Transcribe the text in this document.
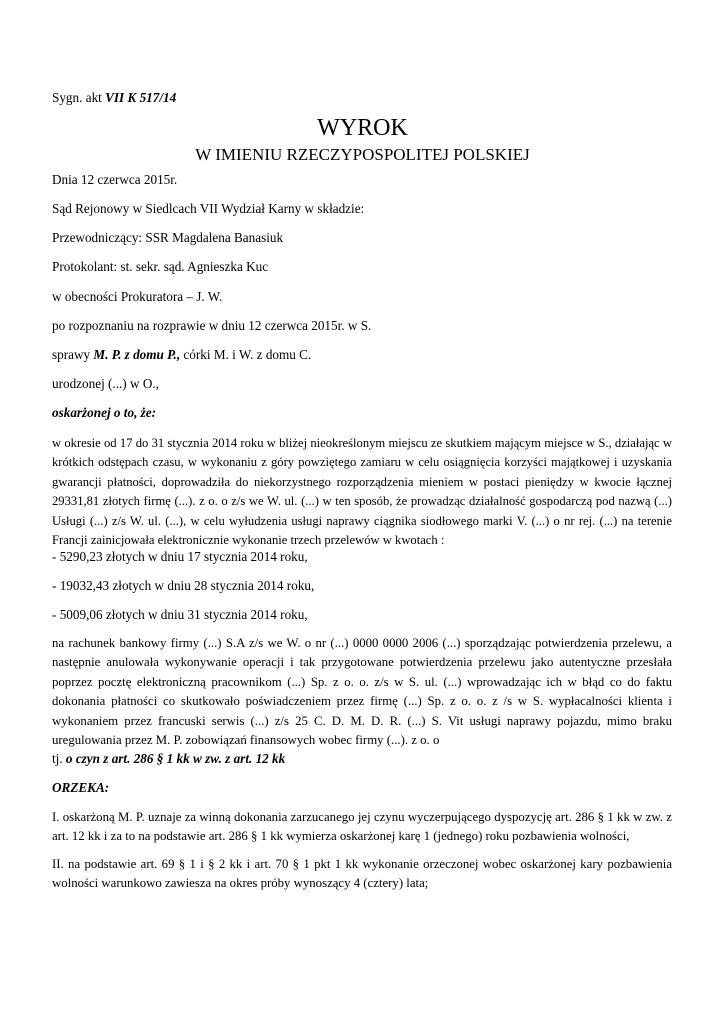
Sygn. akt VII K 517/14

WYROK
W IMIENIU RZECZYPOSPOLITEJ POLSKIEJ

Dnia 12 czerwca 2015r.

Sąd Rejonowy w Siedlcach VII Wydział Karny w składzie:

Przewodniczący: SSR Magdalena Banasiuk

Protokolant: st. sekr. sąd. Agnieszka Kuc

w obecności Prokuratora – J. W.

po rozpoznaniu na rozprawie w dniu 12 czerwca 2015r. w S.

sprawy M. P. z domu P., córki M. i W. z domu C.

urodzonej (...) w O.,

oskarżonej o to, że:

w okresie od 17 do 31 stycznia 2014 roku w bliżej nieokreślonym miejscu ze skutkiem mającym miejsce w S., działając w krótkich odstępach czasu, w wykonaniu z góry powziętego zamiaru w celu osiągnięcia korzyści majątkowej i uzyskania gwarancji płatności, doprowadziła do niekorzystnego rozporządzenia mieniem w postaci pieniędzy w kwocie łącznej 29331,81 złotych firmę (...). z o. o z/s we W. ul. (...) w ten sposób, że prowadząc działalność gospodarczą pod nazwą (...) Usługi (...) z/s W. ul. (...), w celu wyłudzenia usługi naprawy ciągnika siodłowego marki V. (...) o nr rej. (...) na terenie Francji zainicjowała elektronicznie wykonanie trzech przelewów w kwotach :

- 5290,23 złotych w dniu 17 stycznia 2014 roku,

- 19032,43 złotych w dniu 28 stycznia 2014 roku,

- 5009,06 złotych w dniu 31 stycznia 2014 roku,

na rachunek bankowy firmy (...) S.A z/s we W. o nr (...) 0000 0000 2006 (...) sporządzając potwierdzenia przelewu, a następnie anulowała wykonywanie operacji i tak przygotowane potwierdzenia przelewu jako autentyczne przesłała poprzez pocztę elektroniczną pracownikom (...) Sp. z o. o. z/s w S. ul. (...) wprowadzając ich w błąd co do faktu dokonania płatności co skutkowało poświadczeniem przez firmę (...) Sp. z o. o. z /s w S. wypłacalności klienta i wykonaniem przez francuski serwis (...) z/s 25 C. D. M. D. R. (...) S. Vit usługi naprawy pojazdu, mimo braku uregulowania przez M. P. zobowiązań finansowych wobec firmy (...). z o. o

tj. o czyn z art. 286 § 1 kk w zw. z art. 12 kk

ORZEKA:

I. oskarżoną M. P. uznaje za winną dokonania zarzucanego jej czynu wyczerpującego dyspozycję art. 286 § 1 kk w zw. z art. 12 kk i za to na podstawie art. 286 § 1 kk wymierza oskarżonej karę 1 (jednego) roku pozbawienia wolności,

II. na podstawie art. 69 § 1 i § 2 kk i art. 70 § 1 pkt 1 kk wykonanie orzeczonej wobec oskarżonej kary pozbawienia wolności warunkowo zawiesza na okres próby wynoszący 4 (cztery) lata;
